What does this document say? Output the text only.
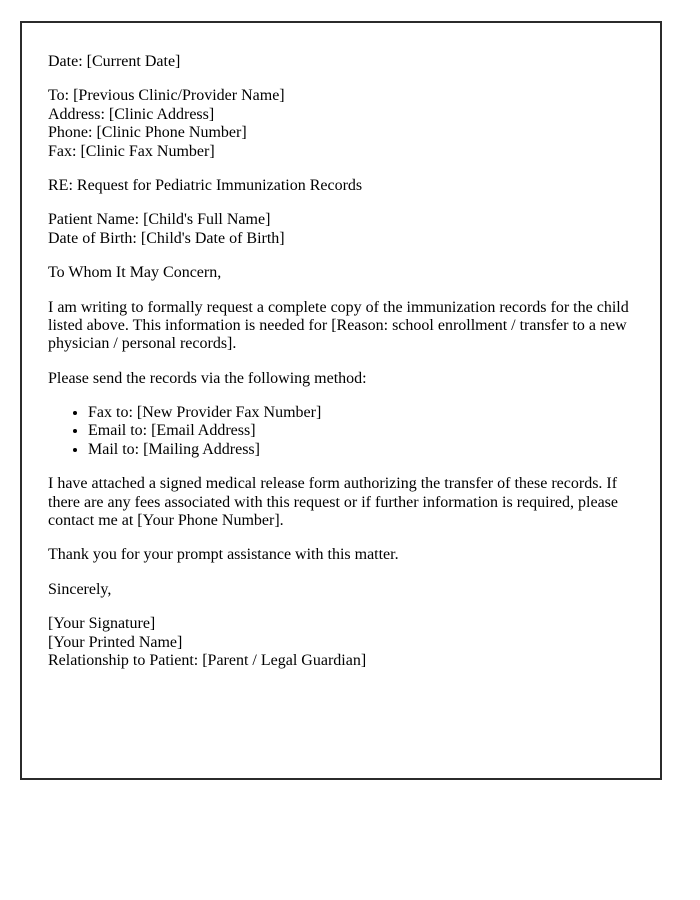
Date: [Current Date]

To: [Previous Clinic/Provider Name]
Address: [Clinic Address]
Phone: [Clinic Phone Number]
Fax: [Clinic Fax Number]

RE: Request for Pediatric Immunization Records

Patient Name: [Child's Full Name]
Date of Birth: [Child's Date of Birth]

To Whom It May Concern,

I am writing to formally request a complete copy of the immunization records for the child listed above. This information is needed for [Reason: school enrollment / transfer to a new physician / personal records].

Please send the records via the following method:

• Fax to: [New Provider Fax Number]
• Email to: [Email Address]
• Mail to: [Mailing Address]

I have attached a signed medical release form authorizing the transfer of these records. If there are any fees associated with this request or if further information is required, please contact me at [Your Phone Number].

Thank you for your prompt assistance with this matter.

Sincerely,

[Your Signature]
[Your Printed Name]
Relationship to Patient: [Parent / Legal Guardian]
